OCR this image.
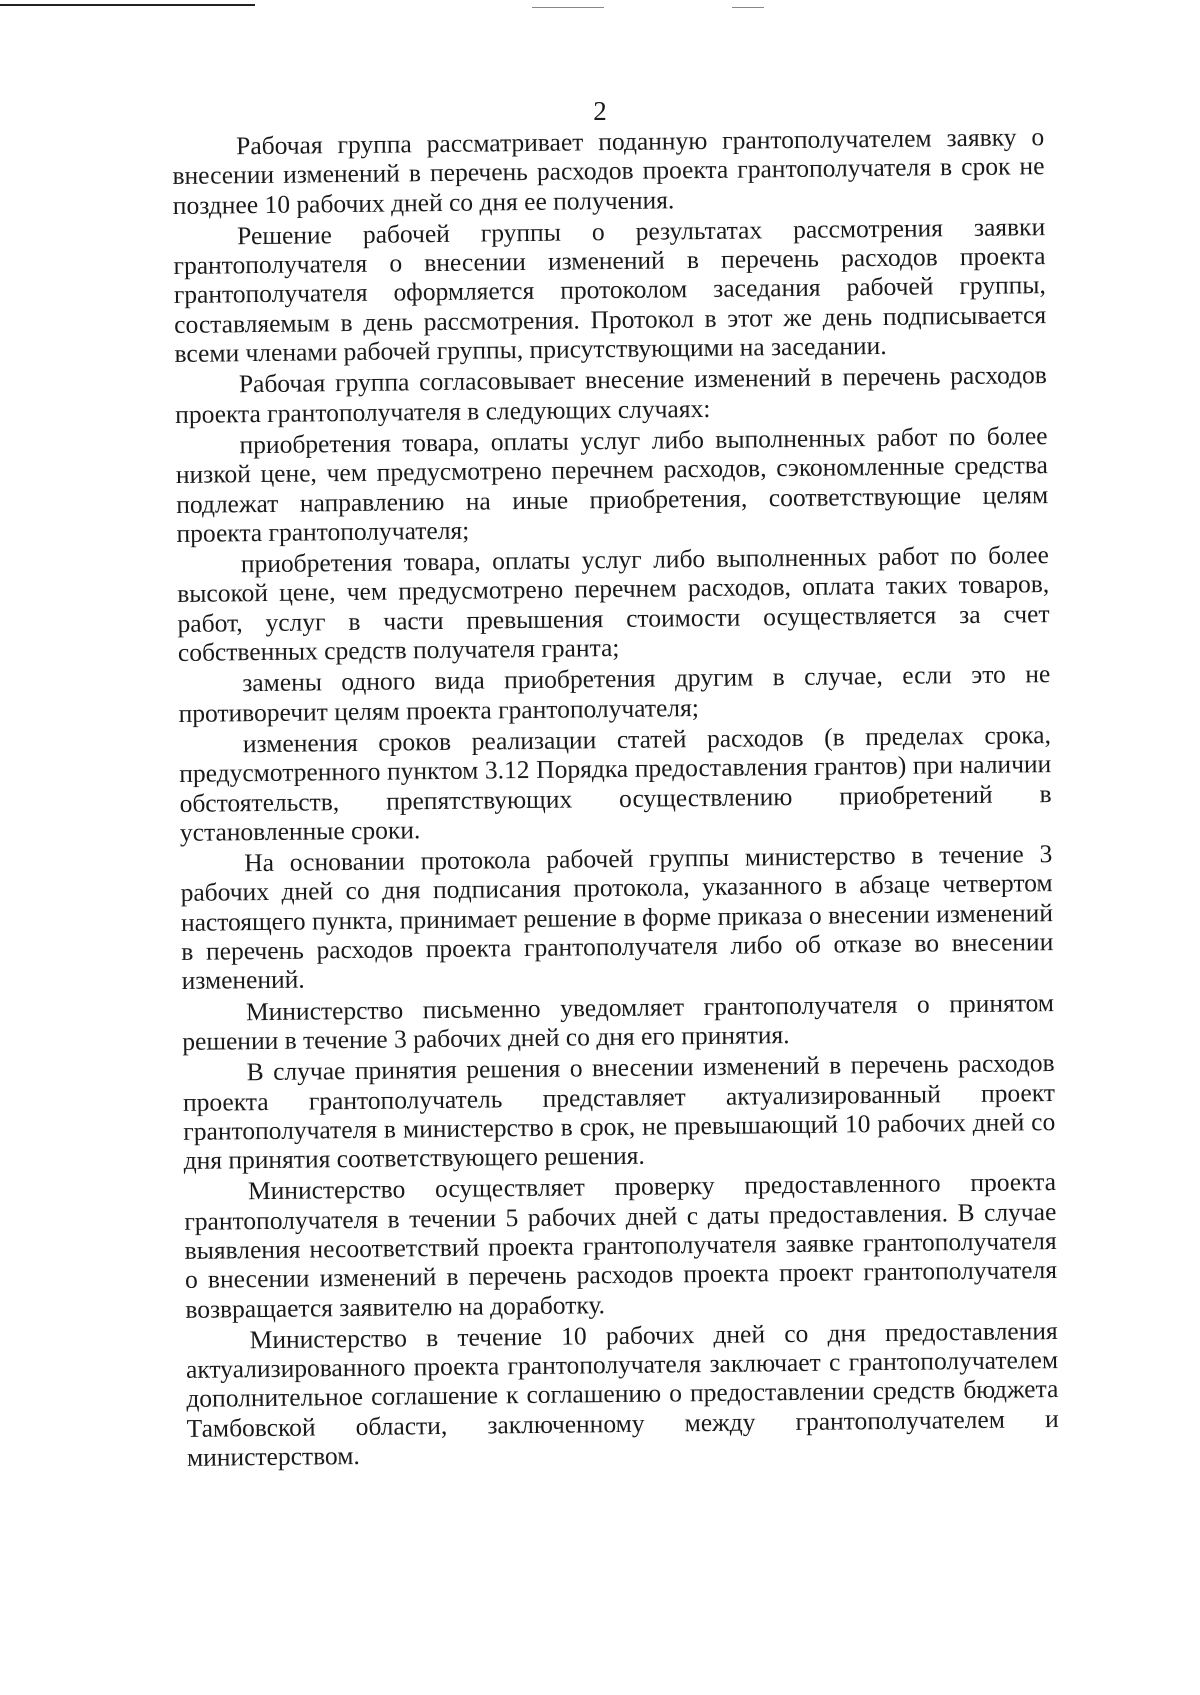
2

Рабочая группа рассматривает поданную грантополучателем заявку о внесении изменений в перечень расходов проекта грантополучателя в срок не позднее 10 рабочих дней со дня ее получения.

Решение рабочей группы о результатах рассмотрения заявки грантополучателя о внесении изменений в перечень расходов проекта грантополучателя оформляется протоколом заседания рабочей группы, составляемым в день рассмотрения. Протокол в этот же день подписывается всеми членами рабочей группы, присутствующими на заседании.

Рабочая группа согласовывает внесение изменений в перечень расходов проекта грантополучателя в следующих случаях:

приобретения товара, оплаты услуг либо выполненных работ по более низкой цене, чем предусмотрено перечнем расходов, сэкономленные средства подлежат направлению на иные приобретения, соответствующие целям проекта грантополучателя;

приобретения товара, оплаты услуг либо выполненных работ по более высокой цене, чем предусмотрено перечнем расходов, оплата таких товаров, работ, услуг в части превышения стоимости осуществляется за счет собственных средств получателя гранта;

замены одного вида приобретения другим в случае, если это не противоречит целям проекта грантополучателя;

изменения сроков реализации статей расходов (в пределах срока, предусмотренного пунктом 3.12 Порядка предоставления грантов) при наличии обстоятельств, препятствующих осуществлению приобретений в установленные сроки.

На основании протокола рабочей группы министерство в течение 3 рабочих дней со дня подписания протокола, указанного в абзаце четвертом настоящего пункта, принимает решение в форме приказа о внесении изменений в перечень расходов проекта грантополучателя либо об отказе во внесении изменений.

Министерство письменно уведомляет грантополучателя о принятом решении в течение 3 рабочих дней со дня его принятия.

В случае принятия решения о внесении изменений в перечень расходов проекта грантополучатель представляет актуализированный проект грантополучателя в министерство в срок, не превышающий 10 рабочих дней со дня принятия соответствующего решения.

Министерство осуществляет проверку предоставленного проекта грантополучателя в течении 5 рабочих дней с даты предоставления. В случае выявления несоответствий проекта грантополучателя заявке грантополучателя о внесении изменений в перечень расходов проекта проект грантополучателя возвращается заявителю на доработку.

Министерство в течение 10 рабочих дней со дня предоставления актуализированного проекта грантополучателя заключает с грантополучателем дополнительное соглашение к соглашению о предоставлении средств бюджета Тамбовской области, заключенному между грантополучателем и министерством.
